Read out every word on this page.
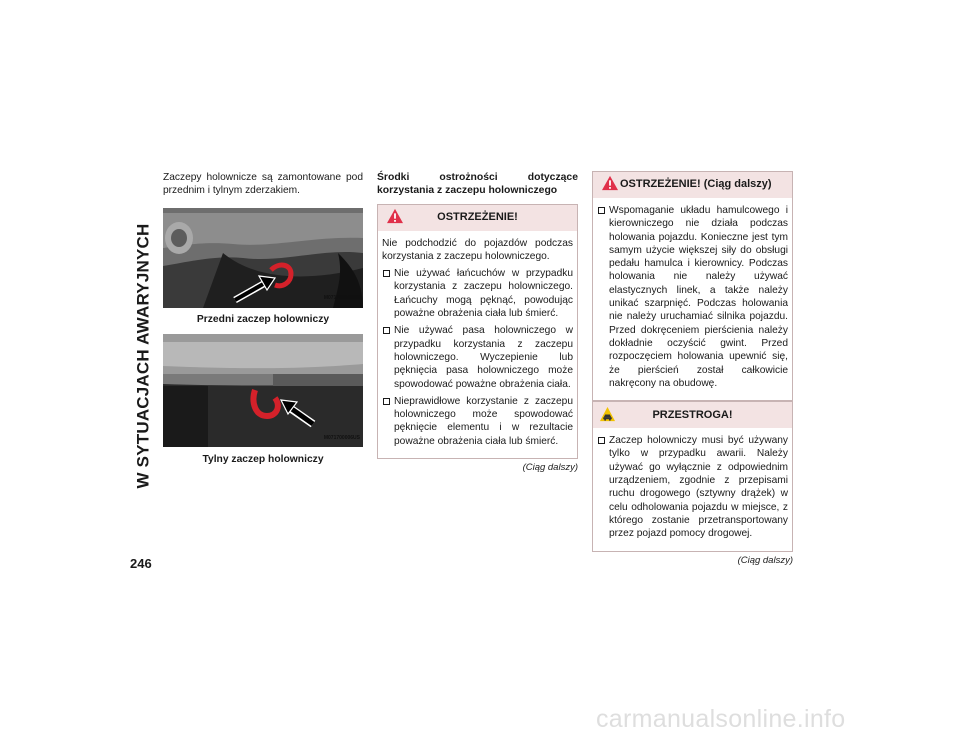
W SYTUACJACH AWARYJNYCH
246

Zaczepy holownicze są zamontowane pod przednim i tylnym zderzakiem.

M071700005US

Przedni zaczep holowniczy

M071700006US

Tylny zaczep holowniczy

Środki ostrożności dotyczące korzystania z zaczepu holowniczego

OSTRZEŻENIE!

Nie podchodzić do pojazdów podczas korzystania z zaczepu holowniczego.

Nie używać łańcuchów w przypadku korzystania z zaczepu holowniczego. Łańcuchy mogą pęknąć, powodując poważne obrażenia ciała lub śmierć.
Nie używać pasa holowniczego w przypadku korzystania z zaczepu holowniczego. Wyczepienie lub pęknięcia pasa holowniczego może spowodować poważne obrażenia ciała.
Nieprawidłowe korzystanie z zaczepu holowniczego może spowodować pęknięcie elementu i w rezultacie poważne obrażenia ciała lub śmierć.

(Ciąg dalszy)

OSTRZEŻENIE! (Ciąg dalszy)
Wspomaganie układu hamulcowego i kierowniczego nie działa podczas holowania pojazdu. Konieczne jest tym samym użycie większej siły do obsługi pedału hamulca i kierownicy. Podczas holowania nie należy używać elastycznych linek, a także należy unikać szarpnięć. Podczas holowania nie należy uruchamiać silnika pojazdu. Przed dokręceniem pierścienia należy dokładnie oczyścić gwint. Przed rozpoczęciem holowania upewnić się, że pierścień został całkowicie nakręcony na obudowę.
PRZESTROGA!
Zaczep holowniczy musi być używany tylko w przypadku awarii. Należy używać go wyłącznie z odpowiednim urządzeniem, zgodnie z przepisami ruchu drogowego (sztywny drążek) w celu odholowania pojazdu w miejsce, z którego zostanie przetransportowany przez pojazd pomocy drogowej.

(Ciąg dalszy)

carmanualsonline.info
